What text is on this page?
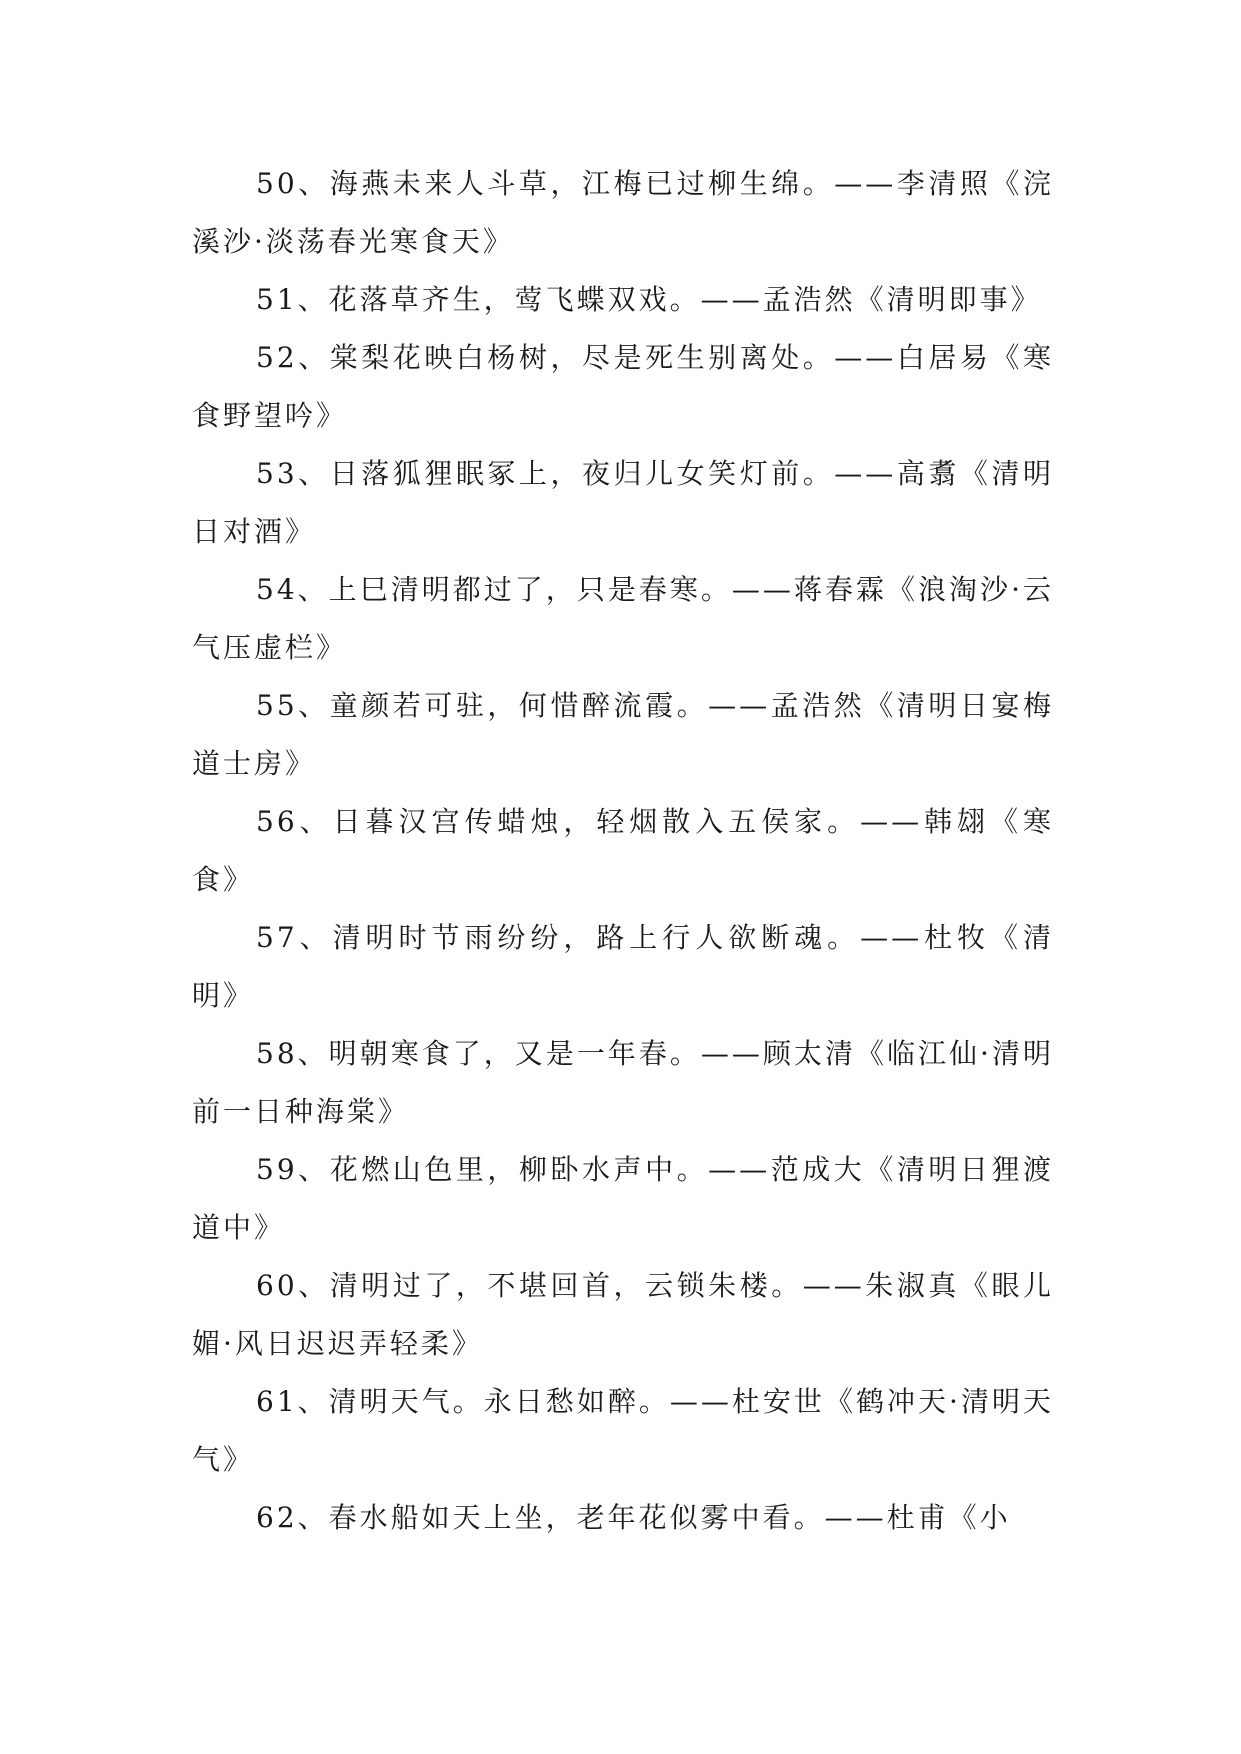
50、海燕未来人斗草，江梅已过柳生绵。——李清照《浣溪沙·淡荡春光寒食天》

51、花落草齐生，莺飞蝶双戏。——孟浩然《清明即事》

52、棠梨花映白杨树，尽是死生别离处。——白居易《寒食野望吟》

53、日落狐狸眠冢上，夜归儿女笑灯前。——高翥《清明日对酒》

54、上巳清明都过了，只是春寒。——蒋春霖《浪淘沙·云气压虚栏》

55、童颜若可驻，何惜醉流霞。——孟浩然《清明日宴梅道士房》

56、日暮汉宫传蜡烛，轻烟散入五侯家。——韩翃《寒食》

57、清明时节雨纷纷，路上行人欲断魂。——杜牧《清明》

58、明朝寒食了，又是一年春。——顾太清《临江仙·清明前一日种海棠》

59、花燃山色里，柳卧水声中。——范成大《清明日狸渡道中》

60、清明过了，不堪回首，云锁朱楼。——朱淑真《眼儿媚·风日迟迟弄轻柔》

61、清明天气。永日愁如醉。——杜安世《鹤冲天·清明天气》

62、春水船如天上坐，老年花似雾中看。——杜甫《小
